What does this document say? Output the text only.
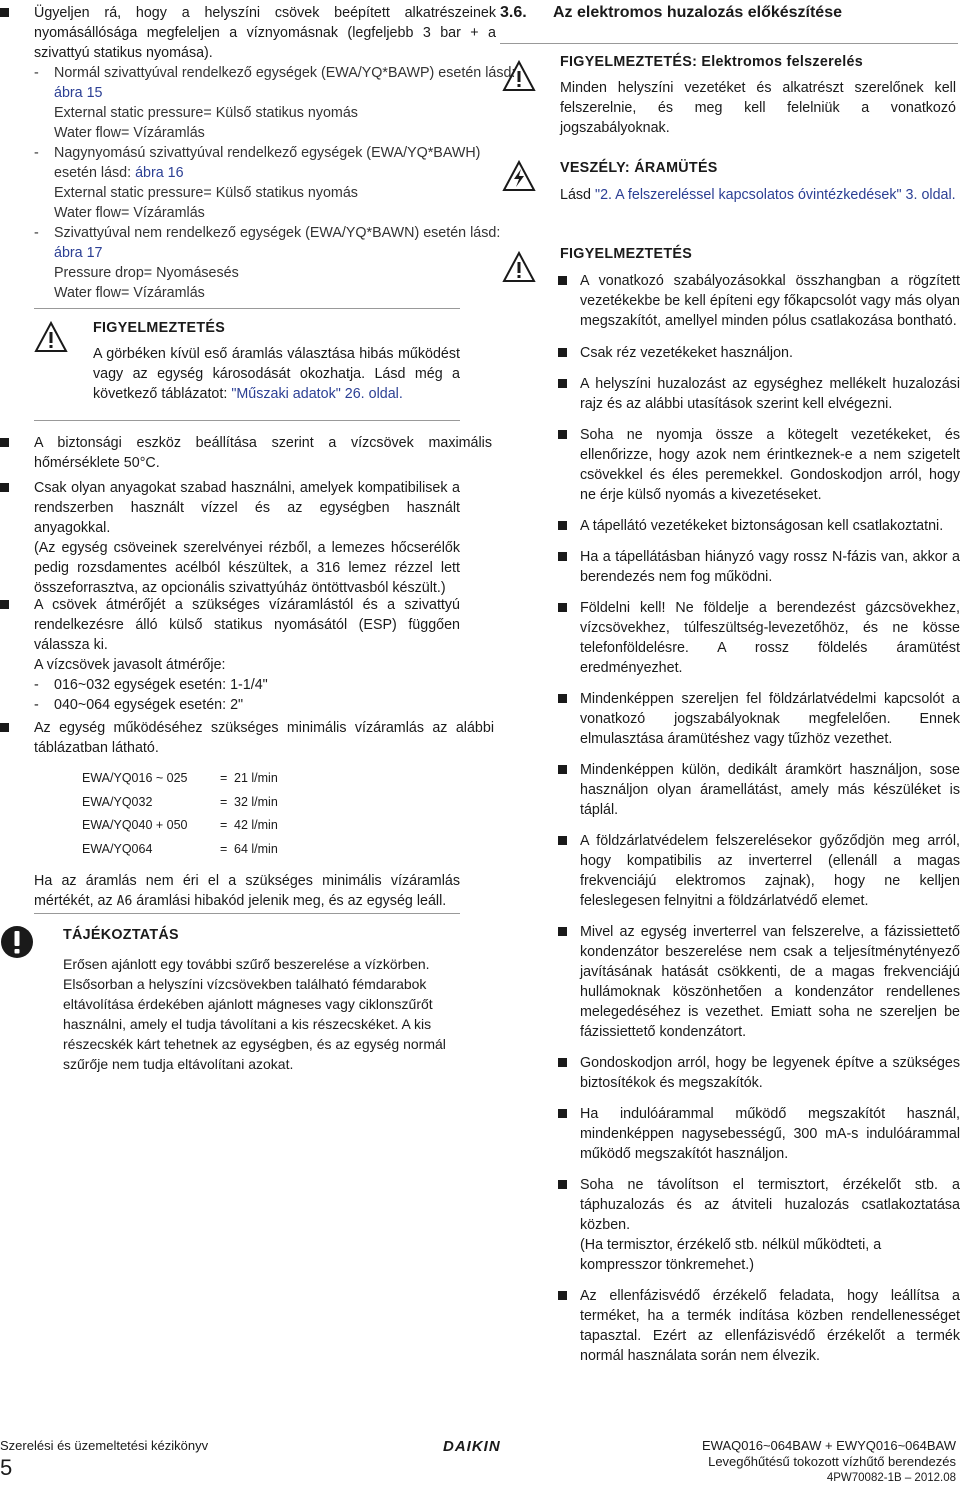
Ügyeljen rá, hogy a helyszíni csövek beépített alkatrészeinek nyomásállósága megfeleljen a víznyomásnak (legfeljebb 3 bar + a szivattyú statikus nyomása).

- Normál szivattyúval rendelkező egységek (EWA/YQ*BAWP) esetén lásd: ábra 15
External static pressure= Külső statikus nyomás
Water flow= Vízáramlás
- Nagynyomású szivattyúval rendelkező egységek (EWA/YQ*BAWH) esetén lásd: ábra 16
External static pressure= Külső statikus nyomás
Water flow= Vízáramlás
- Szivattyúval nem rendelkező egységek (EWA/YQ*BAWN) esetén lásd: ábra 17
Pressure drop= Nyomásesés
Water flow= Vízáramlás

FIGYELMEZTETÉS

A görbéken kívül eső áramlás választása hibás működést vagy az egység károsodását okozhatja. Lásd még a következő táblázatot: "Műszaki adatok" 26. oldal.

A biztonsági eszköz beállítása szerint a vízcsövek maximális hőmérséklete 50°C.

Csak olyan anyagokat szabad használni, amelyek kompatibilisek a rendszerben használt vízzel és az egységben használt anyagokkal.

(Az egység csöveinek szerelvényei rézből, a lemezes hőcserélők pedig rozsdamentes acélból készültek, a 316 lemez rézzel lett összeforrasztva, az opcionális szivattyúház öntöttvasból készült.)

A csövek átmérőjét a szükséges vízáramlástól és a szivattyú rendelkezésre álló külső statikus nyomásától (ESP) függően válassza ki.

A vízcsövek javasolt átmérője:

- 016~032 egységek esetén: 1-1/4"
- 040~064 egységek esetén: 2"

Az egység működéséhez szükséges minimális vízáramlás az alábbi táblázatban látható.

EWA/YQ016 ~ 025	=	21 l/min
EWA/YQ032	=	32 l/min
EWA/YQ040 + 050	=	42 l/min
EWA/YQ064	=	64 l/min

Ha az áramlás nem éri el a szükséges minimális vízáramlás mértékét, az A6 áramlási hibakód jelenik meg, és az egység leáll.

TÁJÉKOZTATÁS

Erősen ajánlott egy további szűrő beszerelése a vízkörben. Elsősorban a helyszíni vízcsövekben található fémdarabok eltávolítása érdekében ajánlott mágneses vagy ciklonszűrőt használni, amely el tudja távolítani a kis részecskéket. A kis részecskék kárt tehetnek az egységben, és az egység normál szűrője nem tudja eltávolítani azokat.

3.6. Az elektromos huzalozás előkészítése

FIGYELMEZTETÉS: Elektromos felszerelés

Minden helyszíni vezetéket és alkatrészt szerelőnek kell felszerelnie, és meg kell felelniük a vonatkozó jogszabályoknak.

VESZÉLY: ÁRAMÜTÉS

Lásd "2. A felszereléssel kapcsolatos óvintézkedések" 3. oldal.

FIGYELMEZTETÉS

A vonatkozó szabályozásokkal összhangban a rögzített vezetékekbe be kell építeni egy főkapcsolót vagy más olyan megszakítót, amellyel minden pólus csatlakozása bontható.

Csak réz vezetékeket használjon.

A helyszíni huzalozást az egységhez mellékelt huzalozási rajz és az alábbi utasítások szerint kell elvégezni.

Soha ne nyomja össze a kötegelt vezetékeket, és ellenőrizze, hogy azok nem érintkeznek-e a nem szigetelt csövekkel és éles peremekkel. Gondoskodjon arról, hogy ne érje külső nyomás a kivezetéseket.

A tápellátó vezetékeket biztonságosan kell csatlakoztatni.

Ha a tápellátásban hiányzó vagy rossz N-fázis van, akkor a berendezés nem fog működni.

Földelni kell! Ne földelje a berendezést gázcsövekhez, vízcsövekhez, túlfeszültség-levezetőhöz, és ne kösse telefonföldelésre. A rossz földelés áramütést eredményezhet.

Mindenképpen szereljen fel földzárlatvédelmi kapcsolót a vonatkozó jogszabályoknak megfelelően. Ennek elmulasztása áramütéshez vagy tűzhöz vezethet.

Mindenképpen külön, dedikált áramkört használjon, sose használjon olyan áramellátást, amely más készüléket is táplál.

A földzárlatvédelem felszerelésekor győződjön meg arról, hogy kompatibilis az inverterrel (ellenáll a magas frekvenciájú elektromos zajnak), hogy ne kelljen feleslegesen felnyitni a földzárlatvédő elemet.

Mivel az egység inverterrel van felszerelve, a fázissiettető kondenzátor beszerelése nem csak a teljesítménytényező javításának hatását csökkenti, de a magas frekvenciájú hullámoknak köszönhetően a kondenzátor rendellenes melegedéséhez is vezethet. Emiatt soha ne szereljen be fázissiettető kondenzátort.

Gondoskodjon arról, hogy be legyenek építve a szükséges biztosítékok és megszakítók.

Ha indulóárammal működő megszakítót használ, mindenképpen nagysebességű, 300 mA-s indulóárammal működő megszakítót használjon.

Soha ne távolítson el termisztort, érzékelőt stb. a táphuzalozás és az átviteli huzalozás csatlakoztatása közben.

(Ha termisztor, érzékelő stb. nélkül működteti, a kompresszor tönkremehet.)

Az ellenfázisvédő érzékelő feladata, hogy leállítsa a terméket, ha a termék indítása közben rendellenességet tapasztal. Ezért az ellenfázisvédő érzékelőt a termék normál használata során nem élvezik.

Szerelési és üzemeltetési kézikönyv
5
DAIKIN	EWAQ016~064BAW + EWYQ016~064BAW
Levegőhűtésű tokozott vízhűtő berendezés
4PW70082-1B – 2012.08
